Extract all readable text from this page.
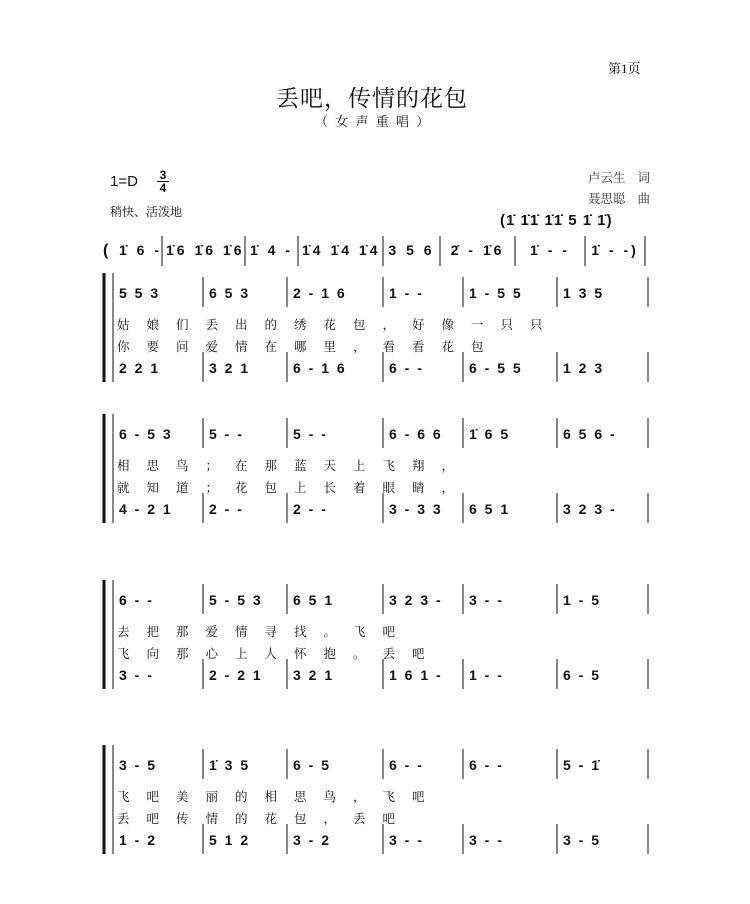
第1页
丢吧，传情的花包
（ 女 声 重 唱 ）
1=D 3
4
稍快、活泼地
卢云生 词
聂思聪 曲
(1̇ 1̇1̇ 1̇1̇ 5 1̇ 1̇)
( 1̇ 6 - 1̇6 1̇6 1̇6 1̇ 4 - 1̇4 1̇4 1̇4 3 5 6	2̇ - 1̇6	1̇ - -	1̇ - -)
5 5 3	6 5 3	2 - 1 6	1 - -	1 - 5 5	1 3 5
2 2 1	3 2 1	6 - 1 6	6 - -	6 - 5 5	1 2 3
姑娘们丢出的绣花包，好像一只只
你要问爱情在哪里，看看花包
6 - 5 3	5 - -	5 - -	6 - 6 6	1̇ 6 5	6 5 6 -
4 - 2 1	2 - -	2 - -	3 - 3 3	6 5 1	3 2 3 -
相思鸟；在那蓝天上飞翔，
就知道；花包上长着眼睛，
6 - -	5 - 5 3	6 5 1	3 2 3 -	3 - -	1 - 5
3 - -	2 - 2 1	3 2 1	1 6 1 -	1 - -	6 - 5
去把那爱情寻找。飞吧
飞向那心上人怀抱。丢吧
3 - 5	1̇ 3 5	6 - 5	6 - -	6 - -	5 - 1̇
1 - 2	5 1 2	3 - 2	3 - -	3 - -	3 - 5
飞吧美丽的相思鸟，飞吧
丢吧传情的花包，丢吧
